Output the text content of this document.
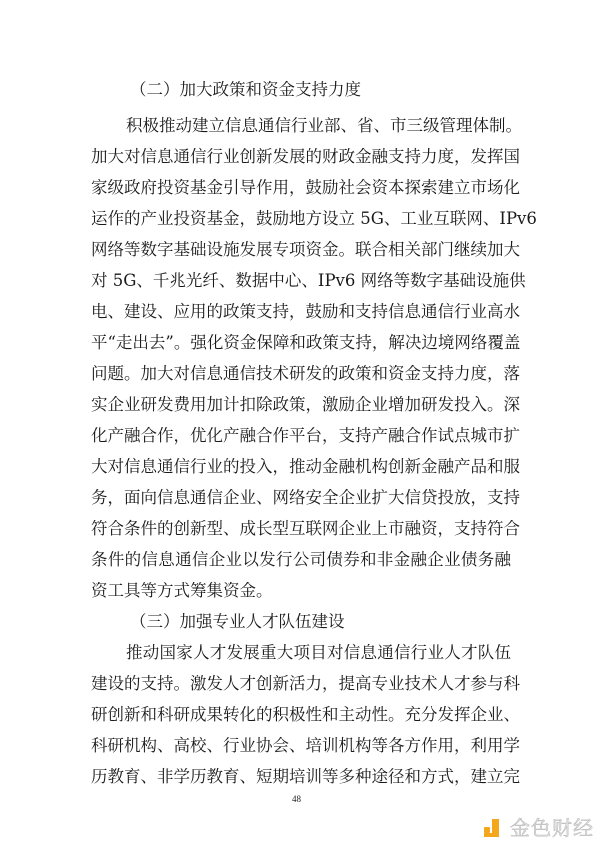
（二）加大政策和资金支持力度
积极推动建立信息通信行业部、省、市三级管理体制。
加大对信息通信行业创新发展的财政金融支持力度，发挥国
家级政府投资基金引导作用，鼓励社会资本探索建立市场化
运作的产业投资基金，鼓励地方设立 5G、工业互联网、IPv6
网络等数字基础设施发展专项资金。联合相关部门继续加大
对 5G、千兆光纤、数据中心、IPv6 网络等数字基础设施供
电、建设、应用的政策支持，鼓励和支持信息通信行业高水
平“走出去”。强化资金保障和政策支持，解决边境网络覆盖
问题。加大对信息通信技术研发的政策和资金支持力度，落
实企业研发费用加计扣除政策，激励企业增加研发投入。深
化产融合作，优化产融合作平台，支持产融合作试点城市扩
大对信息通信行业的投入，推动金融机构创新金融产品和服
务，面向信息通信企业、网络安全企业扩大信贷投放，支持
符合条件的创新型、成长型互联网企业上市融资，支持符合
条件的信息通信企业以发行公司债券和非金融企业债务融
资工具等方式筹集资金。
（三）加强专业人才队伍建设
推动国家人才发展重大项目对信息通信行业人才队伍
建设的支持。激发人才创新活力，提高专业技术人才参与科
研创新和科研成果转化的积极性和主动性。充分发挥企业、
科研机构、高校、行业协会、培训机构等各方作用，利用学
历教育、非学历教育、短期培训等多种途径和方式，建立完
48
金色财经
